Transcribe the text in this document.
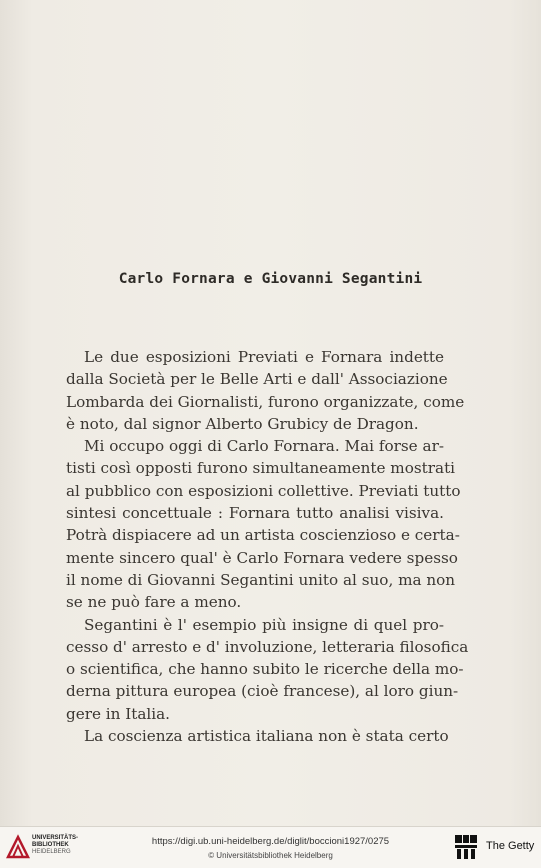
Carlo Fornara e Giovanni Segantini
Le due esposizioni Previati e Fornara indette
dalla Società per le Belle Arti e dall' Associazione
Lombarda dei Giornalisti, furono organizzate, come
è noto, dal signor Alberto Grubicy de Dragon.
Mi occupo oggi di Carlo Fornara. Mai forse ar-
tisti così opposti furono simultaneamente mostrati
al pubblico con esposizioni collettive. Previati tutto
sintesi concettuale : Fornara tutto analisi visiva.
Potrà dispiacere ad un artista coscienzioso e certa-
mente sincero qual' è Carlo Fornara vedere spesso
il nome di Giovanni Segantini unito al suo, ma non
se ne può fare a meno.
Segantini è l' esempio più insigne di quel pro-
cesso d' arresto e d' involuzione, letteraria filosofica
o scientifica, che hanno subito le ricerche della mo-
derna pittura europea (cioè francese), al loro giun-
gere in Italia.
La coscienza artistica italiana non è stata certo
UNIVERSITÄTS-
BIBLIOTHEK
HEIDELBERG
https://digi.ub.uni-heidelberg.de/diglit/boccioni1927/0275
© Universitätsbibliothek Heidelberg
The Getty
